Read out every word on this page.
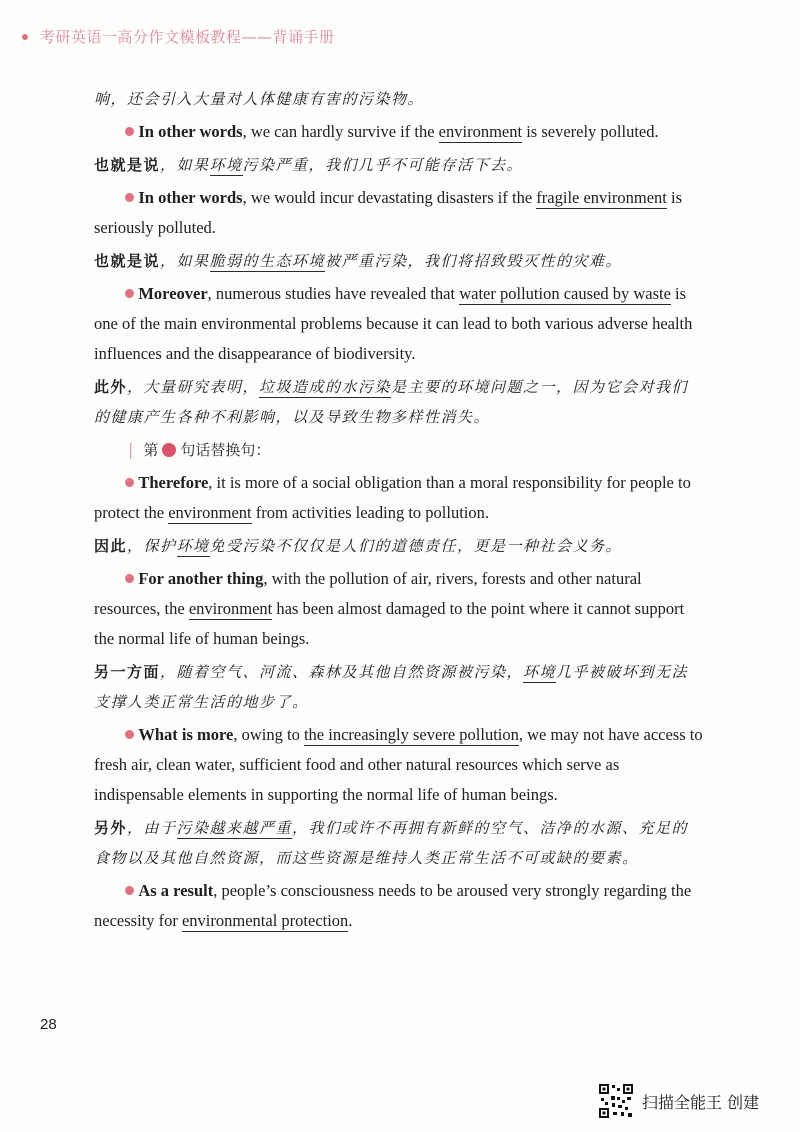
考研英语一高分作文模板教程——背诵手册

响，还会引入大量对人体健康有害的污染物。

In other words, we can hardly survive if the environment is severely polluted.

也就是说，如果环境污染严重，我们几乎不可能存活下去。

In other words, we would incur devastating disasters if the fragile environment is seriously polluted.

也就是说，如果脆弱的生态环境被严重污染，我们将招致毁灭性的灾难。

Moreover, numerous studies have revealed that water pollution caused by waste is one of the main environmental problems because it can lead to both various adverse health influences and the disappearance of biodiversity.

此外，大量研究表明，垃圾造成的水污染是主要的环境问题之一，因为它会对我们的健康产生各种不利影响，以及导致生物多样性消失。

| 第 句话替换句：

Therefore, it is more of a social obligation than a moral responsibility for people to protect the environment from activities leading to pollution.

因此，保护环境免受污染不仅仅是人们的道德责任，更是一种社会义务。

For another thing, with the pollution of air, rivers, forests and other natural resources, the environment has been almost damaged to the point where it cannot support the normal life of human beings.

另一方面，随着空气、河流、森林及其他自然资源被污染，环境几乎被破坏到无法支撑人类正常生活的地步了。

What is more, owing to the increasingly severe pollution, we may not have access to fresh air, clean water, sufficient food and other natural resources which serve as indispensable elements in supporting the normal life of human beings.

另外，由于污染越来越严重，我们或许不再拥有新鲜的空气、洁净的水源、充足的食物以及其他自然资源，而这些资源是维持人类正常生活不可或缺的要素。

As a result, people’s consciousness needs to be aroused very strongly regarding the necessity for environmental protection.

28
扫描全能王 创建
